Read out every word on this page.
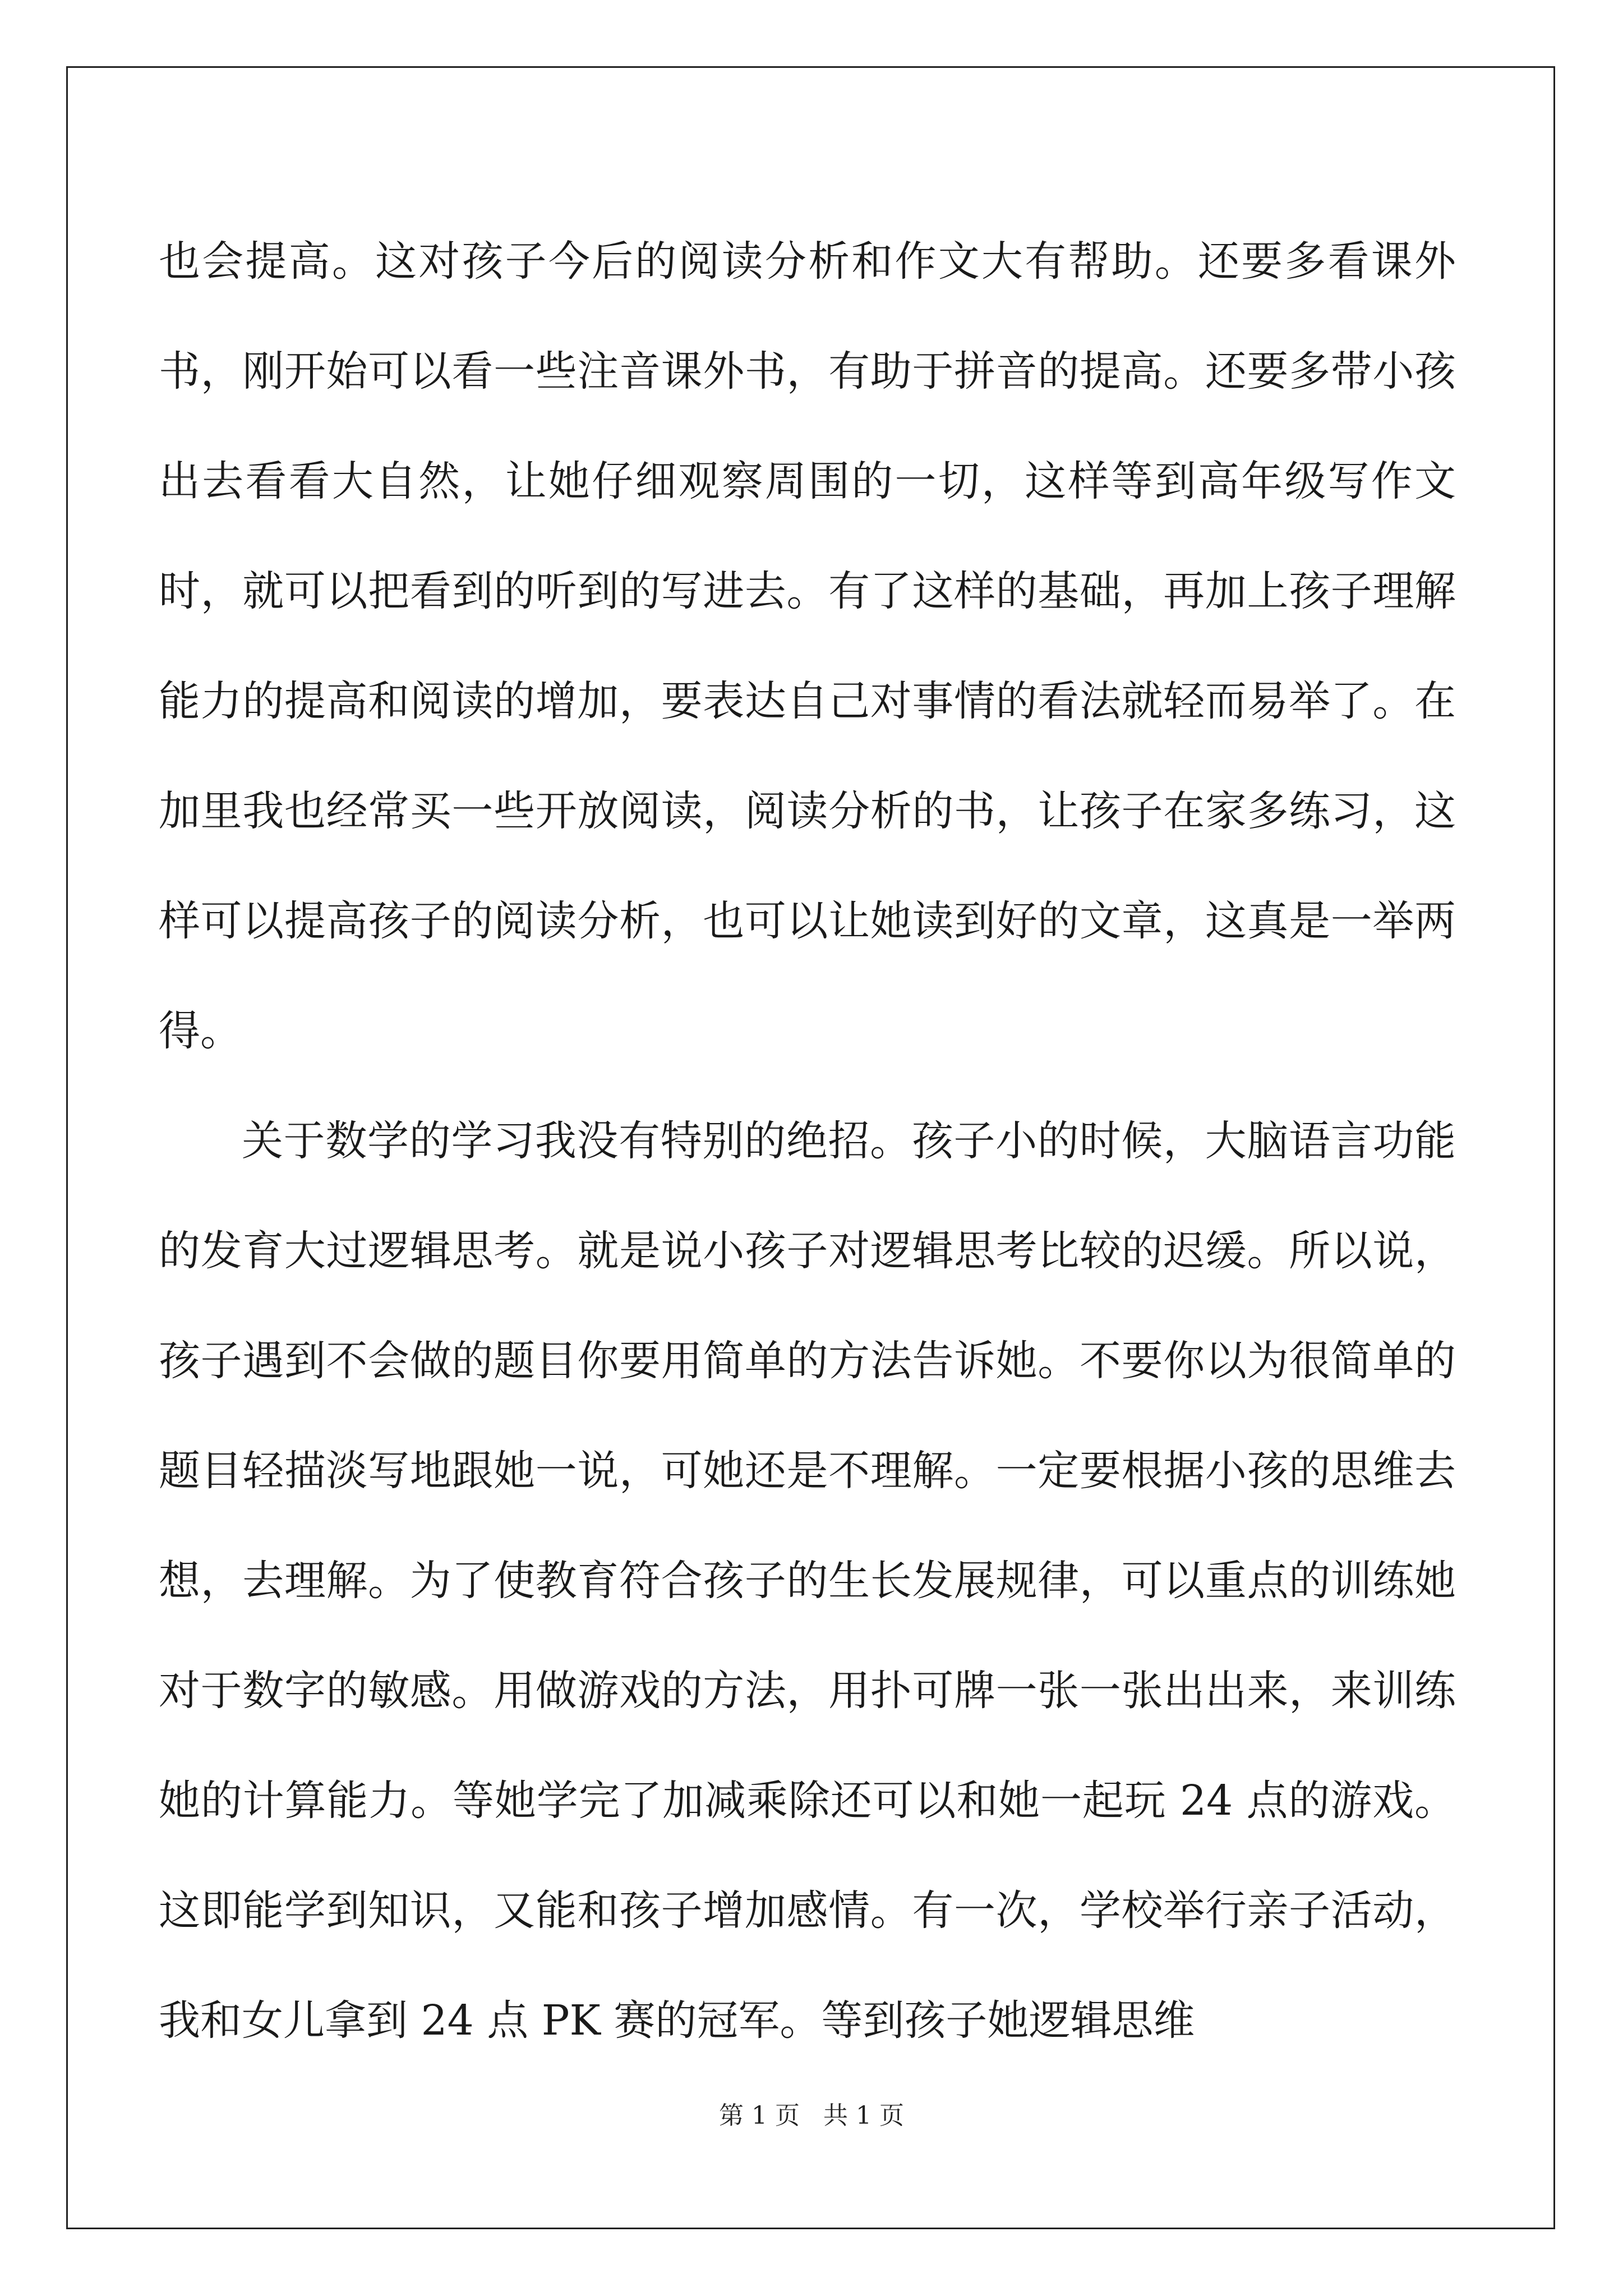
也会提高。这对孩子今后的阅读分析和作文大有帮助。还要多看课外书，刚开始可以看一些注音课外书，有助于拼音的提高。还要多带小孩出去看看大自然，让她仔细观察周围的一切，这样等到高年级写作文时，就可以把看到的听到的写进去。有了这样的基础，再加上孩子理解能力的提高和阅读的增加，要表达自己对事情的看法就轻而易举了。在加里我也经常买一些开放阅读，阅读分析的书，让孩子在家多练习，这样可以提高孩子的阅读分析，也可以让她读到好的文章，这真是一举两得。

关于数学的学习我没有特别的绝招。孩子小的时候，大脑语言功能的发育大过逻辑思考。就是说小孩子对逻辑思考比较的迟缓。所以说，孩子遇到不会做的题目你要用简单的方法告诉她。不要你以为很简单的题目轻描淡写地跟她一说，可她还是不理解。一定要根据小孩的思维去想，去理解。为了使教育符合孩子的生长发展规律，可以重点的训练她对于数字的敏感。用做游戏的方法，用扑可牌一张一张出出来，来训练她的计算能力。等她学完了加减乘除还可以和她一起玩 24 点的游戏。这即能学到知识，又能和孩子增加感情。有一次，学校举行亲子活动，我和女儿拿到 24 点 PK 赛的冠军。等到孩子她逻辑思维

第 1 页   共 1 页
